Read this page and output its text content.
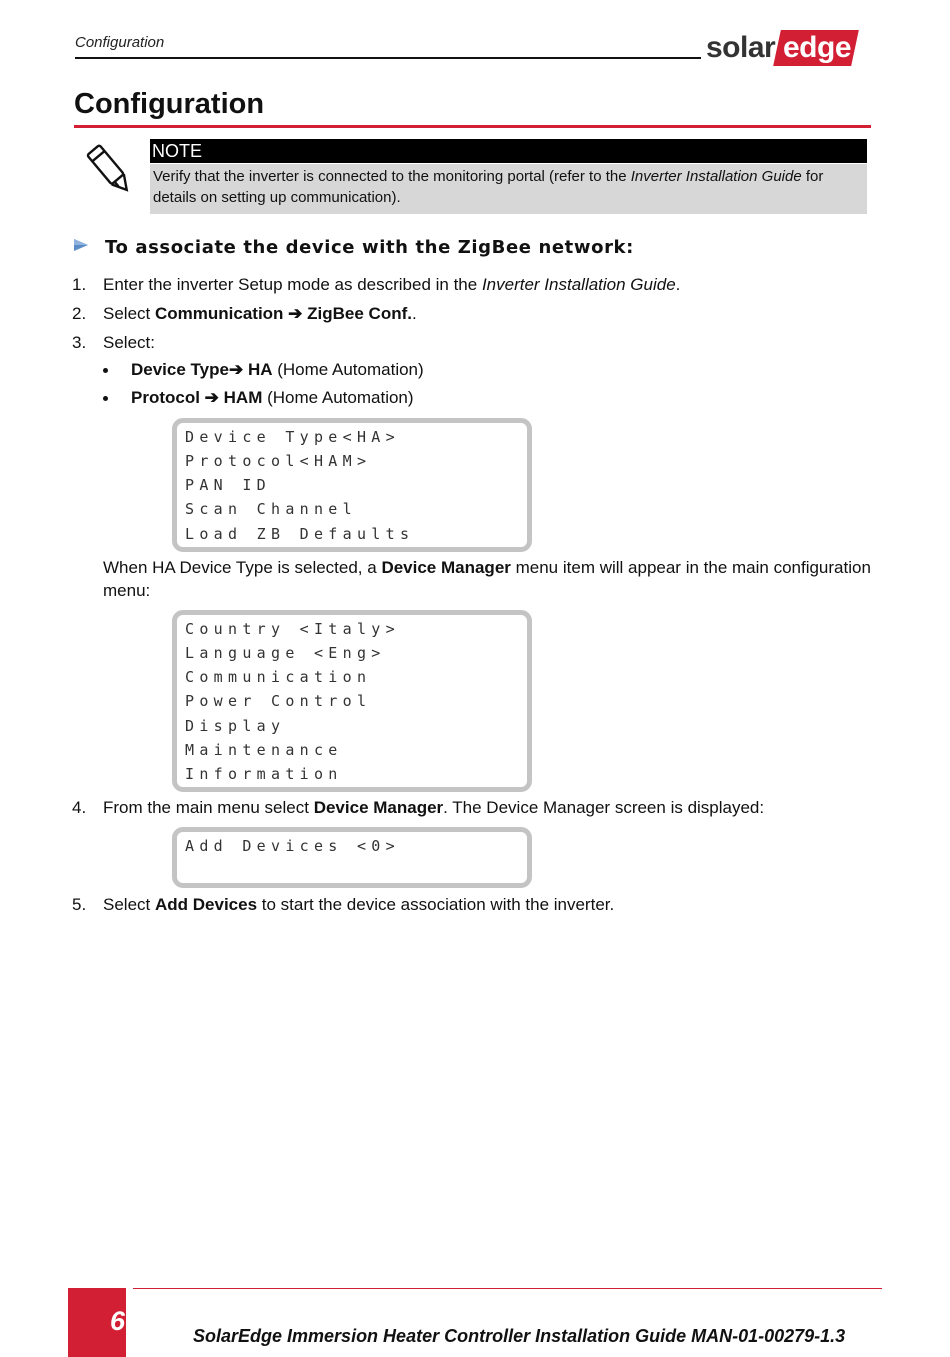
Configuration	solar edge
Configuration
NOTE
Verify that the inverter is connected to the monitoring portal (refer to the Inverter Installation Guide for details on setting up communication).
To associate the device with the ZigBee network:
1. Enter the inverter Setup mode as described in the Inverter Installation Guide.
2. Select Communication ➔ ZigBee Conf..
3. Select:
Device Type➔ HA (Home Automation)
Protocol ➔ HAM (Home Automation)
Device Type<HA>
Protocol<HAM>
PAN ID
Scan Channel
Load ZB Defaults
When HA Device Type is selected, a Device Manager menu item will appear in the main configuration menu:
Country <Italy>
Language <Eng>
Communication
Power Control
Display
Maintenance
Information
4. From the main menu select Device Manager. The Device Manager screen is displayed:
Add Devices <0>
5. Select Add Devices to start the device association with the inverter.
6	SolarEdge Immersion Heater Controller Installation Guide MAN-01-00279-1.3
